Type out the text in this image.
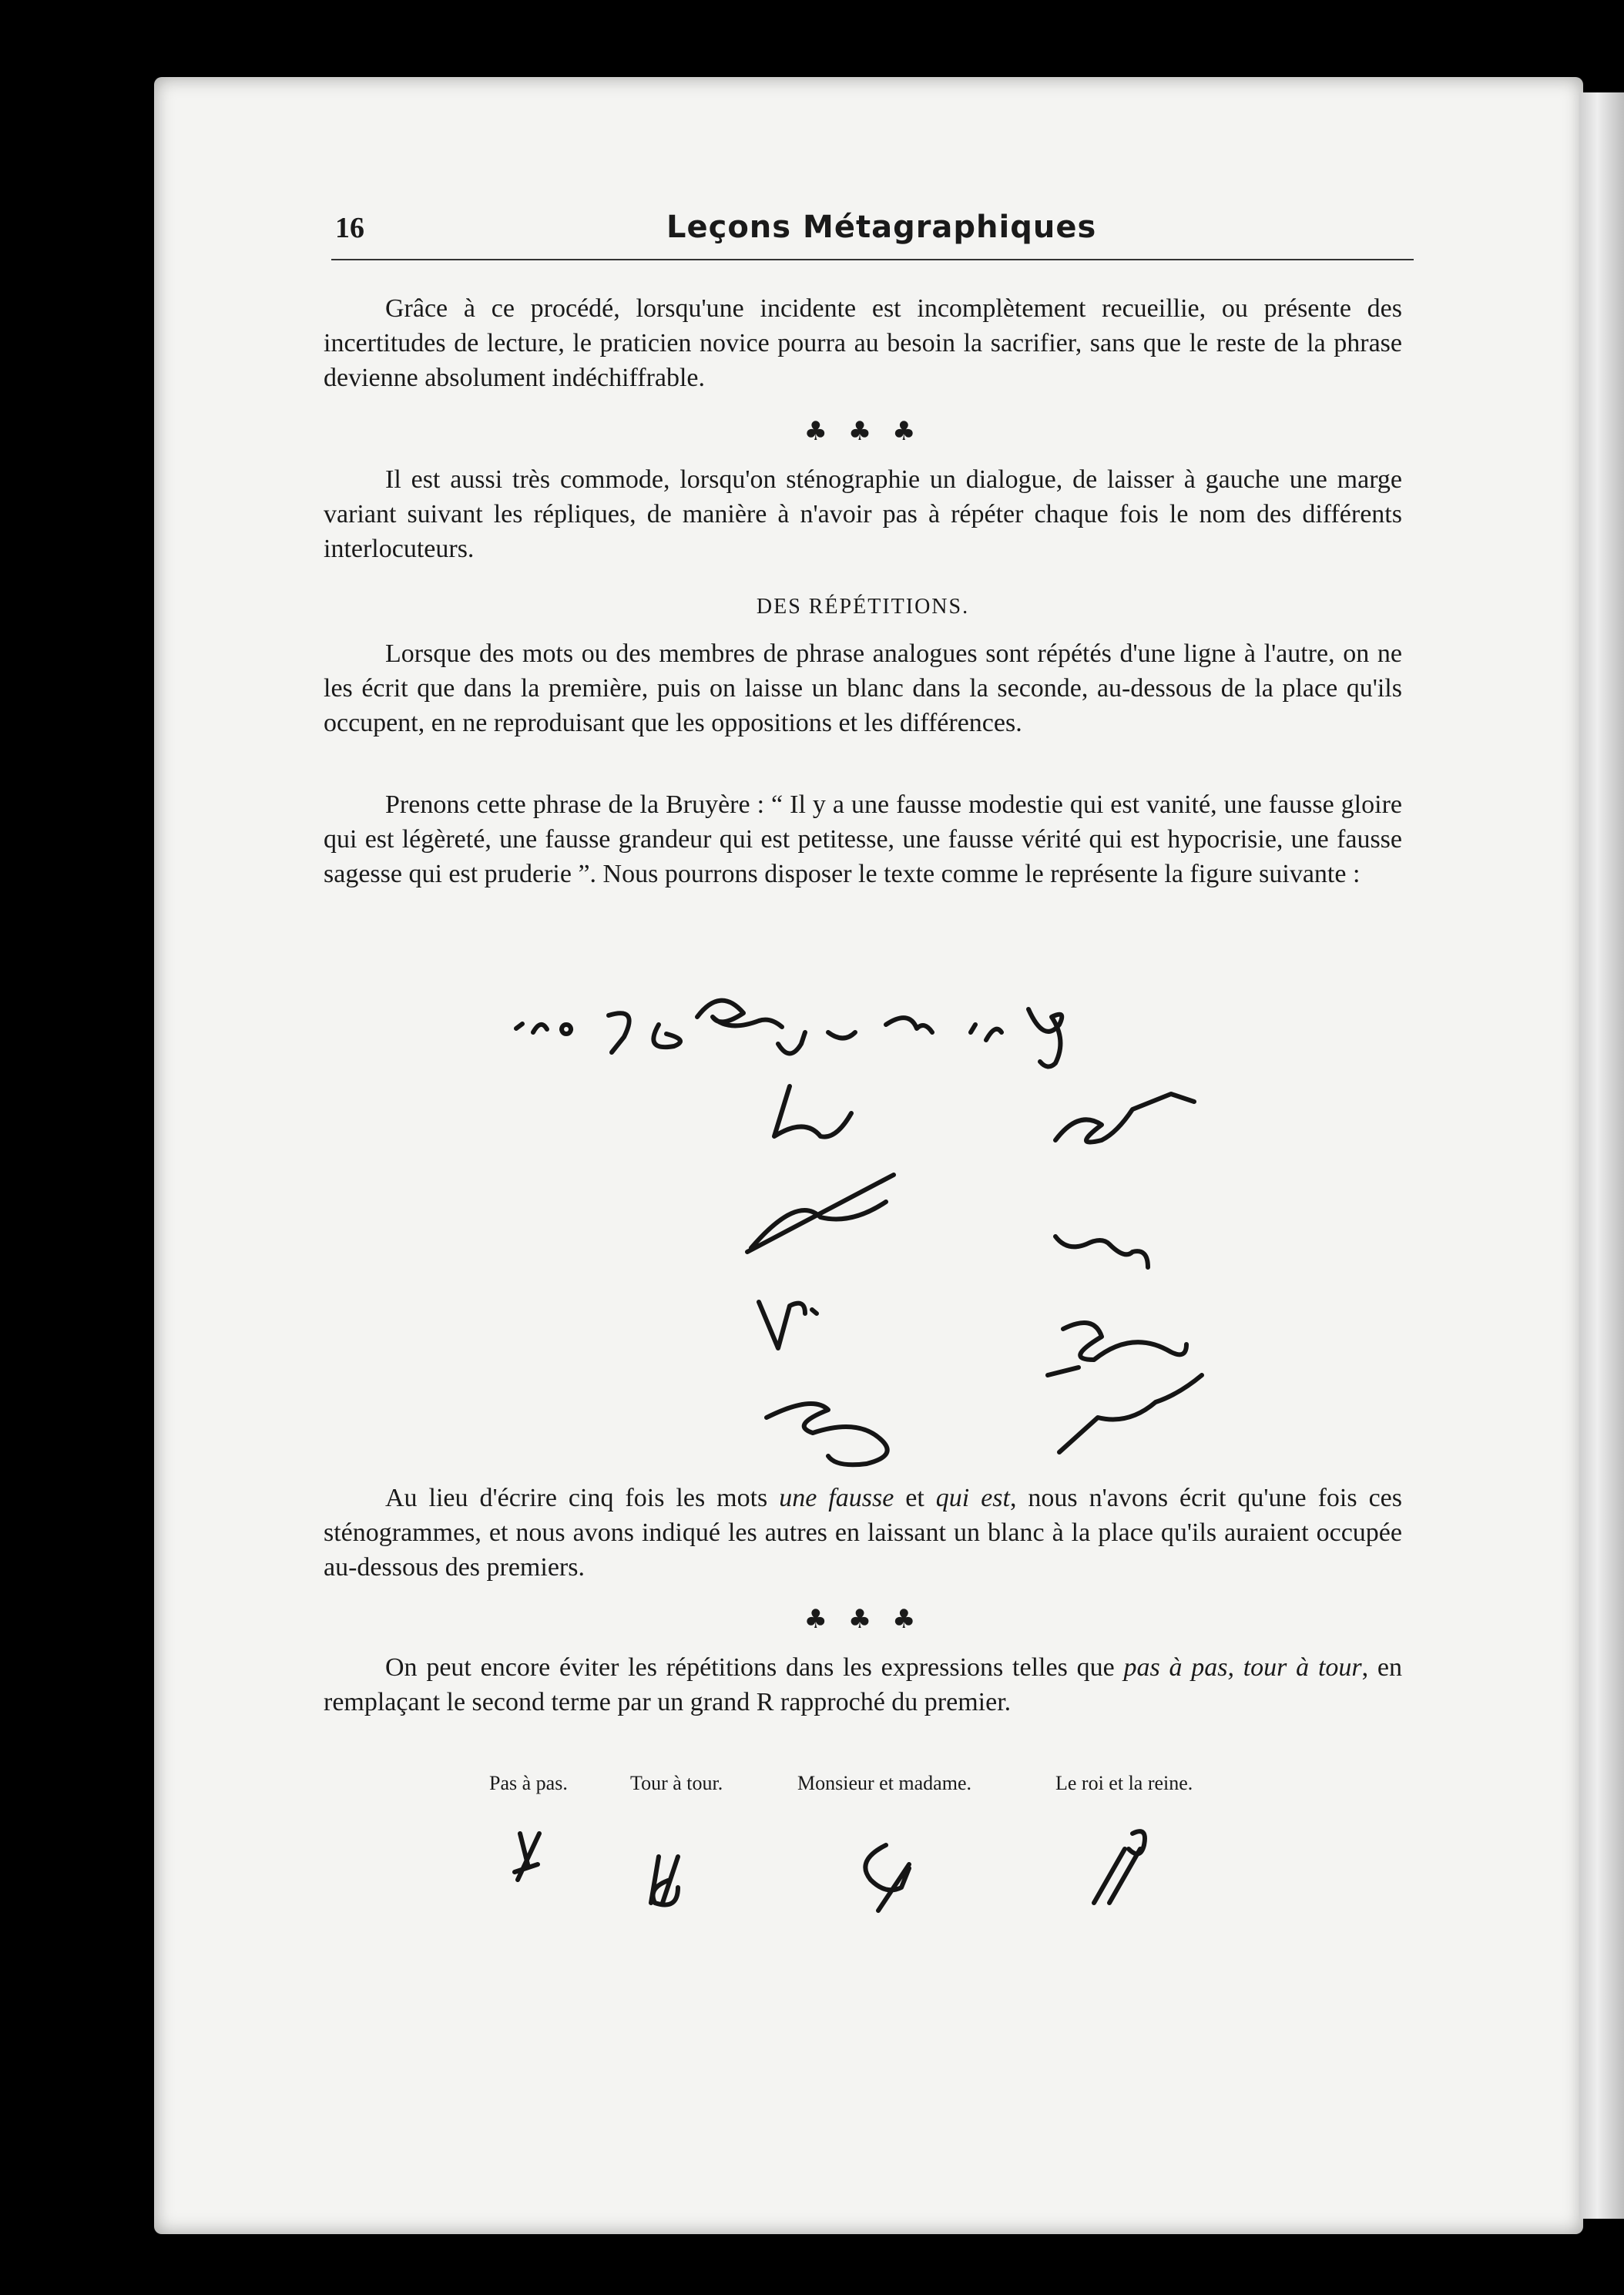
16	Leçons Métagraphiques

Grâce à ce procédé, lorsqu'une incidente est incomplètement recueillie, ou présente des incertitudes de lecture, le praticien novice pourra au besoin la sacrifier, sans que le reste de la phrase devienne absolument indéchiffrable.

♣ ♣ ♣

Il est aussi très commode, lorsqu'on sténographie un dialogue, de laisser à gauche une marge variant suivant les répliques, de manière à n'avoir pas à répéter chaque fois le nom des différents interlocuteurs.

DES RÉPÉTITIONS.

Lorsque des mots ou des membres de phrase analogues sont répétés d'une ligne à l'autre, on ne les écrit que dans la première, puis on laisse un blanc dans la seconde, au-dessous de la place qu'ils occupent, en ne reproduisant que les oppositions et les différences.

Prenons cette phrase de la Bruyère : “ Il y a une fausse modestie qui est vanité, une fausse gloire qui est légèreté, une fausse grandeur qui est petitesse, une fausse vérité qui est hypocrisie, une fausse sagesse qui est pruderie ”. Nous pourrons disposer le texte comme le représente la figure suivante :

Au lieu d'écrire cinq fois les mots une fausse et qui est, nous n'avons écrit qu'une fois ces sténogrammes, et nous avons indiqué les autres en laissant un blanc à la place qu'ils auraient occupée au-dessous des premiers.

♣ ♣ ♣

On peut encore éviter les répétitions dans les expressions telles que pas à pas, tour à tour, en remplaçant le second terme par un grand R rapproché du premier.

Pas à pas.	Tour à tour.	Monsieur et madame.	Le roi et la reine.
